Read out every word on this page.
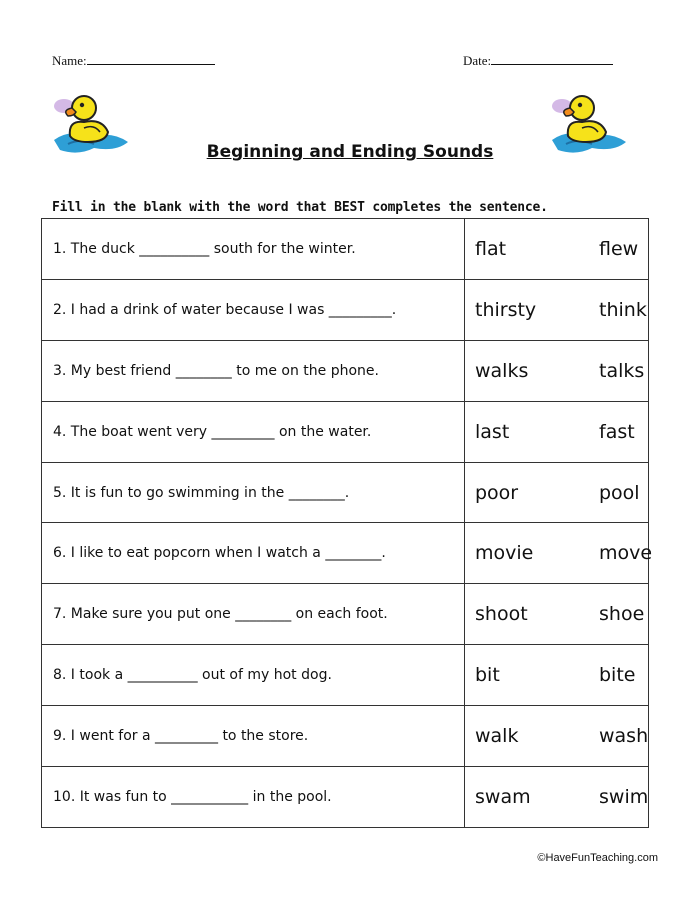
Name:	Date:
Beginning and Ending Sounds
Fill in the blank with the word that BEST completes the sentence.
1. The duck __________ south for the winter.	flat flew

2. I had a drink of water because I was _________.	thirsty think

3. My best friend ________ to me on the phone.	walks talks

4. The boat went very _________ on the water.	last fast

5. It is fun to go swimming in the ________.	poor pool

6. I like to eat popcorn when I watch a ________.	movie move

7. Make sure you put one ________ on each foot.	shoot shoe

8. I took a __________ out of my hot dog.	bit bite

9. I went for a _________ to the store.	walk wash

10. It was fun to ___________ in the pool.	swam swim
©HaveFunTeaching.com
